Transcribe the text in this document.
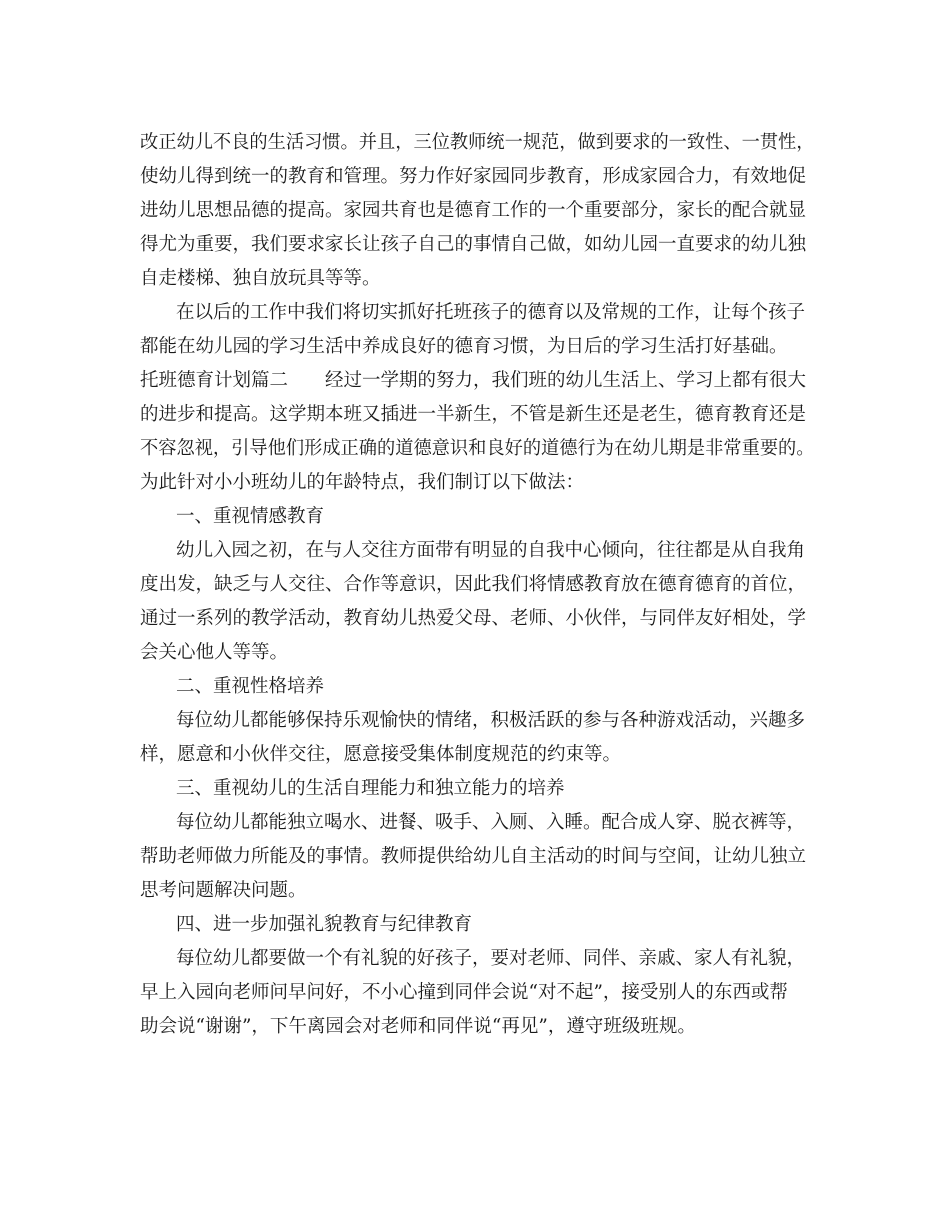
改正幼儿不良的生活习惯。并且，三位教师统一规范，做到要求的一致性、一贯性，
使幼儿得到统一的教育和管理。努力作好家园同步教育，形成家园合力，有效地促
进幼儿思想品德的提高。家园共育也是德育工作的一个重要部分，家长的配合就显
得尤为重要，我们要求家长让孩子自己的事情自己做，如幼儿园一直要求的幼儿独
自走楼梯、独自放玩具等等。
在以后的工作中我们将切实抓好托班孩子的德育以及常规的工作，让每个孩子
都能在幼儿园的学习生活中养成良好的德育习惯，为日后的学习生活打好基础。
托班德育计划篇二　　经过一学期的努力，我们班的幼儿生活上、学习上都有很大
的进步和提高。这学期本班又插进一半新生，不管是新生还是老生，德育教育还是
不容忽视，引导他们形成正确的道德意识和良好的道德行为在幼儿期是非常重要的。
为此针对小小班幼儿的年龄特点，我们制订以下做法：
一、重视情感教育
幼儿入园之初，在与人交往方面带有明显的自我中心倾向，往往都是从自我角
度出发，缺乏与人交往、合作等意识，因此我们将情感教育放在德育德育的首位，
通过一系列的教学活动，教育幼儿热爱父母、老师、小伙伴，与同伴友好相处，学
会关心他人等等。
二、重视性格培养
每位幼儿都能够保持乐观愉快的情绪，积极活跃的参与各种游戏活动，兴趣多
样，愿意和小伙伴交往，愿意接受集体制度规范的约束等。
三、重视幼儿的生活自理能力和独立能力的培养
每位幼儿都能独立喝水、进餐、吸手、入厕、入睡。配合成人穿、脱衣裤等，
帮助老师做力所能及的事情。教师提供给幼儿自主活动的时间与空间，让幼儿独立
思考问题解决问题。
四、进一步加强礼貌教育与纪律教育
每位幼儿都要做一个有礼貌的好孩子，要对老师、同伴、亲戚、家人有礼貌，
早上入园向老师问早问好，不小心撞到同伴会说“对不起”，接受别人的东西或帮
助会说“谢谢”，下午离园会对老师和同伴说“再见”，遵守班级班规。
